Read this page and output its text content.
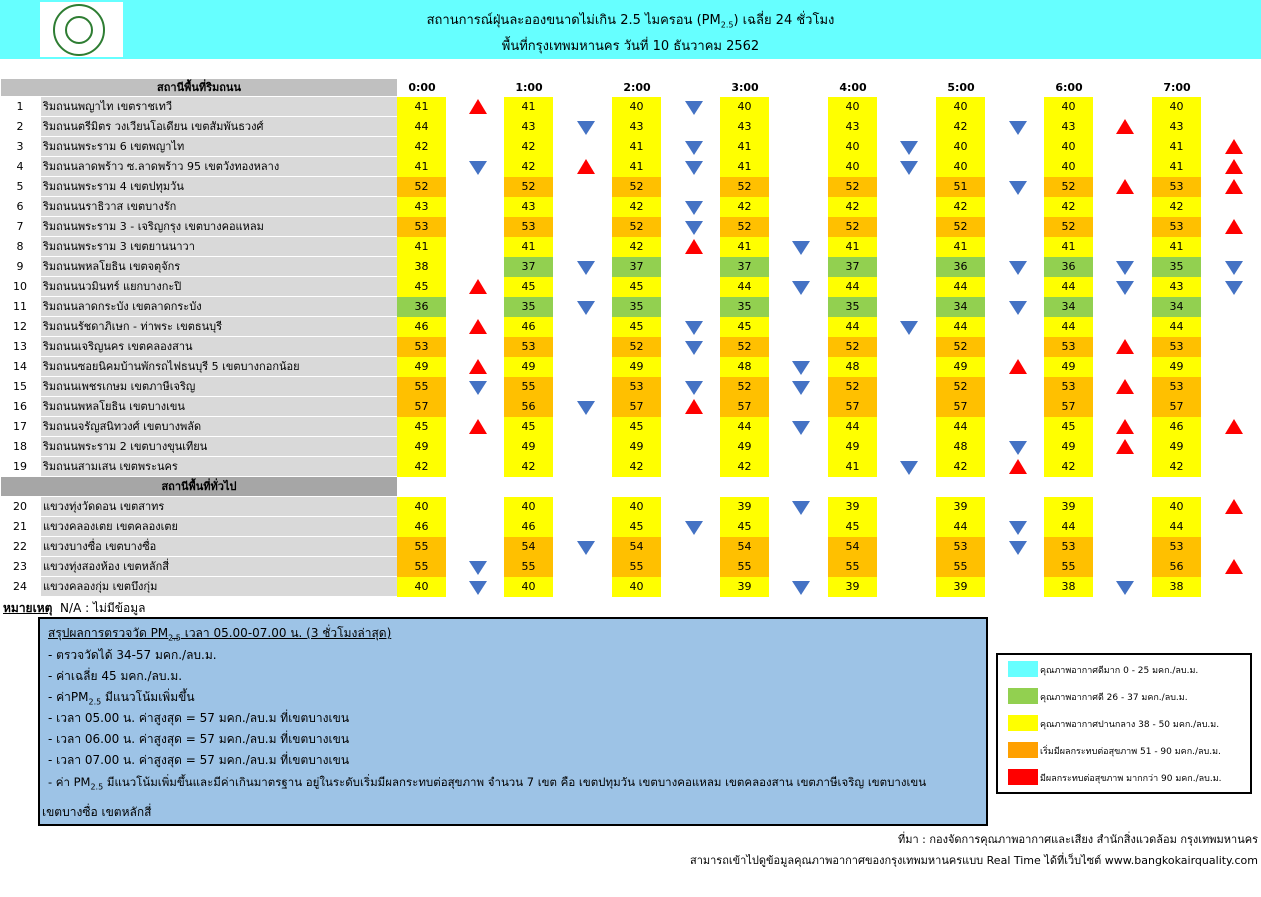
สถานการณ์ฝุ่นละอองขนาดไม่เกิน 2.5 ไมครอน $(PM_{2.5})$ เฉลี่ย 24 ชั่วโมง
พื้นที่กรุงเทพมหานคร วันที่ 10 ธันวาคม 2562
สถานีพื้นที่ริมถนน	0:00	1:00	2:00	3:00	4:00	5:00	6:00	7:00
1	ริมถนนพญาไท เขตราชเทวี	41	41	40	40	40	40	40	40
2	ริมถนนตรีมิตร วงเวียนโอเดียน เขตสัมพันธวงศ์	44	43	43	43	43	42	43	43
3	ริมถนนพระราม 6 เขตพญาไท	42	42	41	41	40	40	40	41
4	ริมถนนลาดพร้าว ซ.ลาดพร้าว 95 เขตวังทองหลาง	41	42	41	41	40	40	40	41
5	ริมถนนพระราม 4 เขตปทุมวัน	52	52	52	52	52	51	52	53
6	ริมถนนนราธิวาส เขตบางรัก	43	43	42	42	42	42	42	42
7	ริมถนนพระราม 3 - เจริญกรุง เขตบางคอแหลม	53	53	52	52	52	52	52	53
8	ริมถนนพระราม 3 เขตยานนาวา	41	41	42	41	41	41	41	41
9	ริมถนนพหลโยธิน เขตจตุจักร	38	37	37	37	37	36	36	35
10	ริมถนนนวมินทร์ แยกบางกะปิ	45	45	45	44	44	44	44	43
11	ริมถนนลาดกระบัง เขตลาดกระบัง	36	35	35	35	35	34	34	34
12	ริมถนนรัชดาภิเษก - ท่าพระ เขตธนบุรี	46	46	45	45	44	44	44	44
13	ริมถนนเจริญนคร เขตคลองสาน	53	53	52	52	52	52	53	53
14	ริมถนนซอยนิคมบ้านพักรถไฟธนบุรี 5 เขตบางกอกน้อย	49	49	49	48	48	49	49	49
15	ริมถนนเพชรเกษม เขตภาษีเจริญ	55	55	53	52	52	52	53	53
16	ริมถนนพหลโยธิน เขตบางเขน	57	56	57	57	57	57	57	57
17	ริมถนนจรัญสนิทวงศ์ เขตบางพลัด	45	45	45	44	44	44	45	46
18	ริมถนนพระราม 2 เขตบางขุนเทียน	49	49	49	49	49	48	49	49
19	ริมถนนสามเสน เขตพระนคร	42	42	42	42	41	42	42	42
สถานีพื้นที่ทั่วไป
20	แขวงทุ่งวัดดอน เขตสาทร	40	40	40	39	39	39	39	40
21	แขวงคลองเตย เขตคลองเตย	46	46	45	45	45	44	44	44
22	แขวงบางซื่อ เขตบางซื่อ	55	54	54	54	54	53	53	53
23	แขวงทุ่งสองห้อง เขตหลักสี่	55	55	55	55	55	55	55	56
24	แขวงคลองกุ่ม เขตบึงกุ่ม	40	40	40	39	39	39	38	38
หมายเหตุ N/A : ไม่มีข้อมูล
สรุปผลการตรวจวัด $PM_{2.5}$ เวลา 05.00-07.00 น. (3 ชั่วโมงล่าสุด)
- ตรวจวัดได้ 34-57 มคก./ลบ.ม.
- ค่าเฉลี่ย 45 มคก./ลบ.ม.
- ค่า$PM_{2.5}$ มีแนวโน้มเพิ่มขึ้น
- เวลา 05.00 น. ค่าสูงสุด = 57 มคก./ลบ.ม ที่เขตบางเขน
- เวลา 06.00 น. ค่าสูงสุด = 57 มคก./ลบ.ม ที่เขตบางเขน
- เวลา 07.00 น. ค่าสูงสุด = 57 มคก./ลบ.ม ที่เขตบางเขน
- ค่า $PM_{2.5}$ มีแนวโน้มเพิ่มขึ้นและมีค่าเกินมาตรฐาน อยู่ในระดับเริ่มมีผลกระทบต่อสุขภาพ จำนวน 7 เขต คือ เขตปทุมวัน เขตบางคอแหลม เขตคลองสาน เขตภาษีเจริญ เขตบางเขน
เขตบางซื่อ เขตหลักสี่
คุณภาพอากาศดีมาก 0 - 25 มคก./ลบ.ม.
คุณภาพอากาศดี 26 - 37 มคก./ลบ.ม.
คุณภาพอากาศปานกลาง 38 - 50 มคก./ลบ.ม.
เริ่มมีผลกระทบต่อสุขภาพ 51 - 90 มคก./ลบ.ม.
มีผลกระทบต่อสุขภาพ มากกว่า 90 มคก./ลบ.ม.
ที่มา : กองจัดการคุณภาพอากาศและเสียง สำนักสิ่งแวดล้อม กรุงเทพมหานคร
สามารถเข้าไปดูข้อมูลคุณภาพอากาศของกรุงเทพมหานครแบบ Real Time ได้ที่เว็บไซต์ www.bangkokairquality.com
